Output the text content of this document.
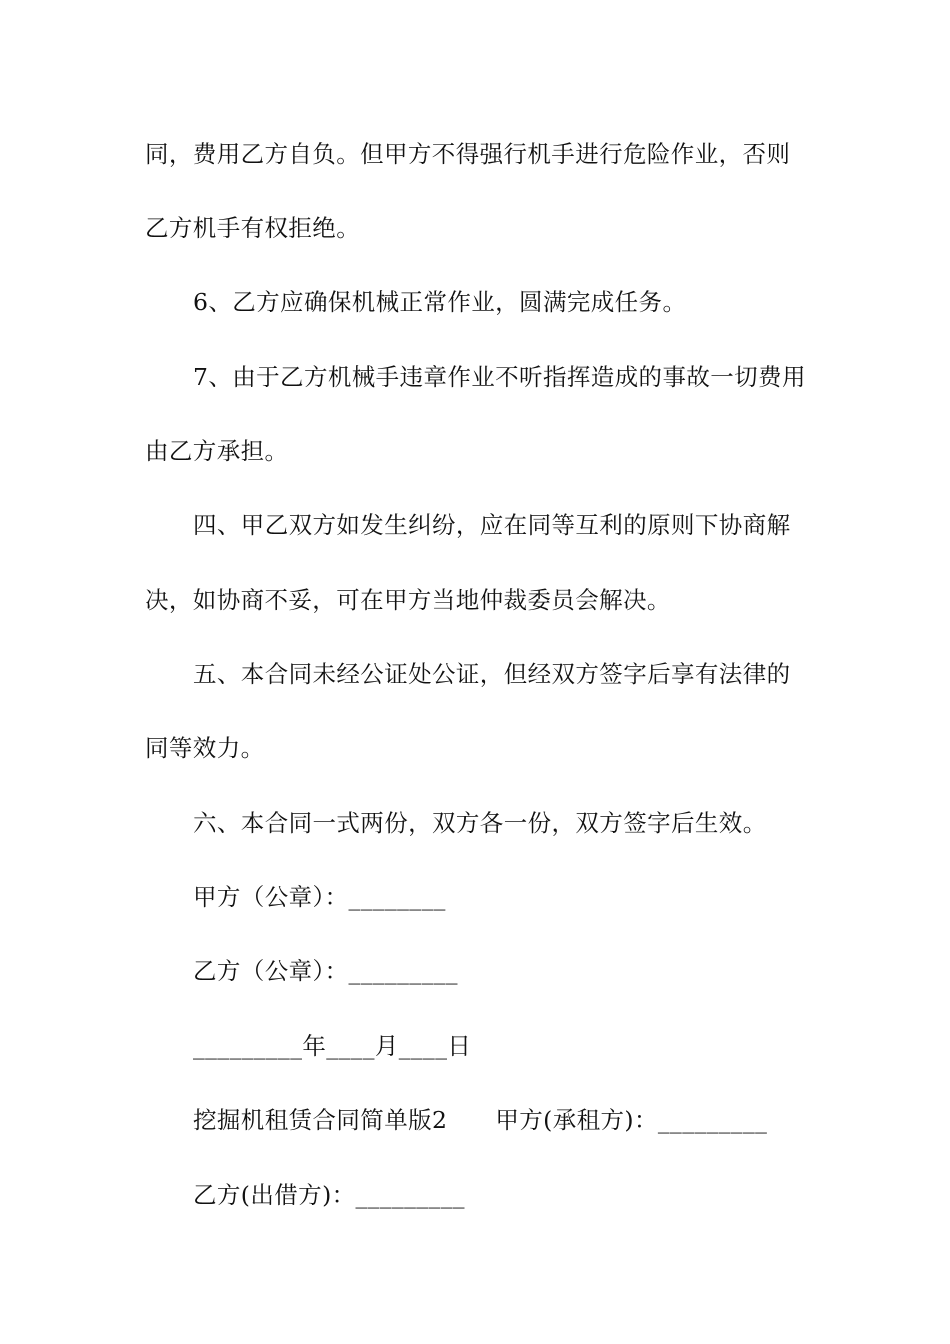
同，费用乙方自负。但甲方不得强行机手进行危险作业，否则
乙方机手有权拒绝。
6、乙方应确保机械正常作业，圆满完成任务。
7、由于乙方机械手违章作业不听指挥造成的事故一切费用
由乙方承担。
四、甲乙双方如发生纠纷，应在同等互利的原则下协商解
决，如协商不妥，可在甲方当地仲裁委员会解决。
五、本合同未经公证处公证，但经双方签字后享有法律的
同等效力。
六、本合同一式两份，双方各一份，双方签字后生效。
甲方（公章）：________
乙方（公章）：_________
_________年____月____日
挖掘机租赁合同简单版2 甲方(承租方)：_________
乙方(出借方)：_________
